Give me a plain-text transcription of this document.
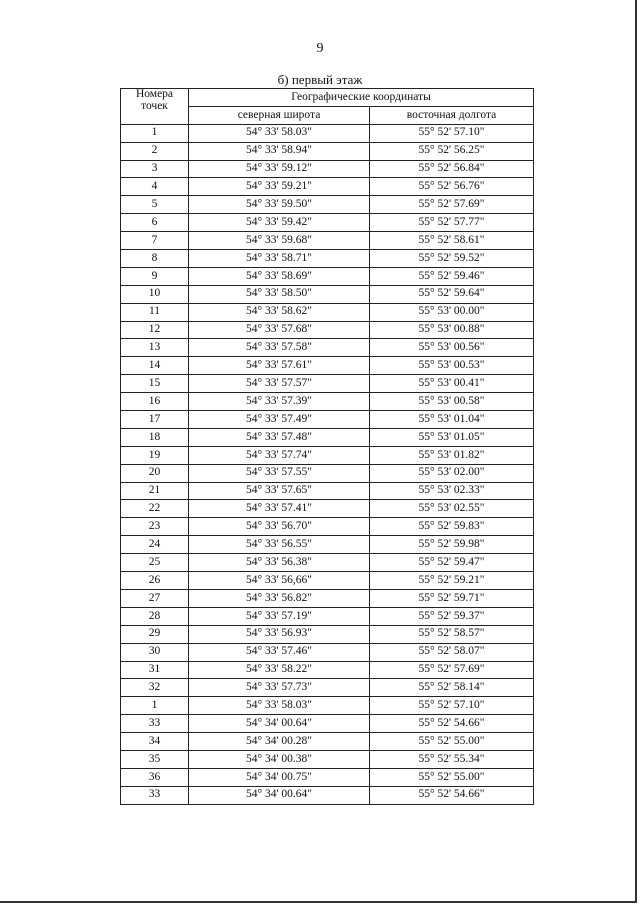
9
б) первый этаж
Номера
точек	Географические координаты	
	северная широта	восточная долгота
1	54° 33' 58.03"	55° 52' 57.10"
2	54° 33' 58.94"	55° 52' 56.25"
3	54° 33' 59.12"	55° 52' 56.84"
4	54° 33' 59.21"	55° 52' 56.76"
5	54° 33' 59.50"	55° 52' 57.69"
6	54° 33' 59.42"	55° 52' 57.77"
7	54° 33' 59.68"	55° 52' 58.61"
8	54° 33' 58.71"	55° 52' 59.52"
9	54° 33' 58.69"	55° 52' 59.46"
10	54° 33' 58.50"	55° 52' 59.64"
11	54° 33' 58.62"	55° 53' 00.00"
12	54° 33' 57.68"	55° 53' 00.88"
13	54° 33' 57.58"	55° 53' 00.56"
14	54° 33' 57.61"	55° 53' 00.53"
15	54° 33' 57.57"	55° 53' 00.41"
16	54° 33' 57.39"	55° 53' 00.58"
17	54° 33' 57.49"	55° 53' 01.04"
18	54° 33' 57.48"	55° 53' 01.05"
19	54° 33' 57.74"	55° 53' 01.82"
20	54° 33' 57.55"	55° 53' 02.00"
21	54° 33' 57.65"	55° 53' 02.33"
22	54° 33' 57.41"	55° 53' 02.55"
23	54° 33' 56.70"	55° 52' 59.83"
24	54° 33' 56.55"	55° 52' 59.98"
25	54° 33' 56.38"	55° 52' 59.47"
26	54° 33' 56,66"	55° 52' 59.21"
27	54° 33' 56.82"	55° 52' 59.71"
28	54° 33' 57.19"	55° 52' 59.37"
29	54° 33' 56.93"	55° 52' 58.57"
30	54° 33' 57.46"	55° 52' 58.07"
31	54° 33' 58.22"	55° 52' 57.69"
32	54° 33' 57.73"	55° 52' 58.14"
1	54° 33' 58.03"	55° 52' 57.10"
33	54° 34' 00.64"	55° 52' 54.66"
34	54° 34' 00.28"	55° 52' 55.00"
35	54° 34' 00.38"	55° 52' 55.34"
36	54° 34' 00.75"	55° 52' 55.00"
33	54° 34' 00.64"	55° 52' 54.66"
